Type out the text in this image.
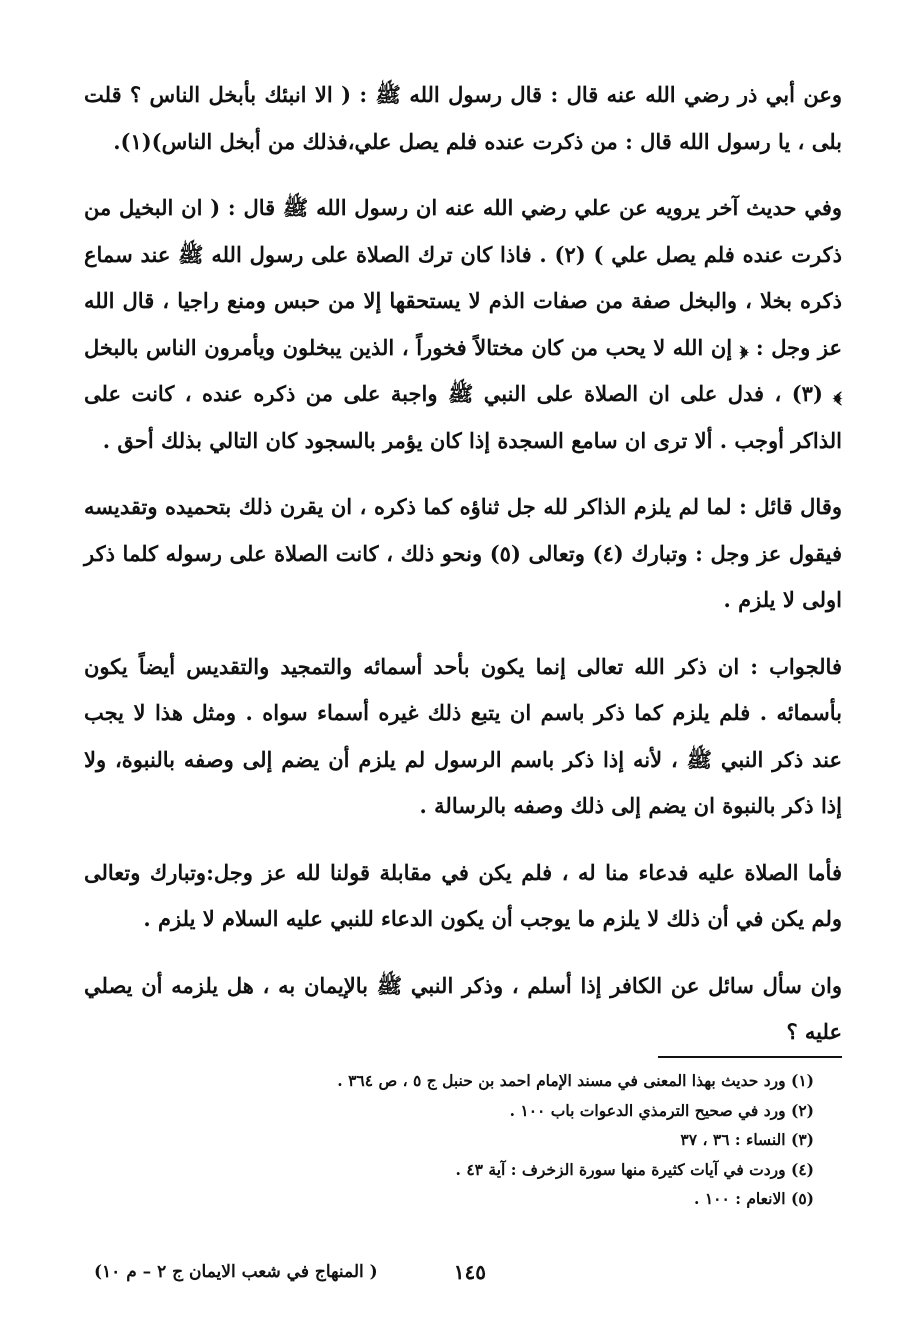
وعن أبي ذر رضي الله عنه قال : قال رسول الله ﷺ : ( الا انبئك بأبخل الناس ؟ قلت بلى ، يا رسول الله قال : من ذكرت عنده فلم يصل علي،فذلك من أبخل الناس)(١).

وفي حديث آخر يرويه عن علي رضي الله عنه ان رسول الله ﷺ قال : ( ان البخيل من ذكرت عنده فلم يصل علي ) (٢) . فاذا كان ترك الصلاة على رسول الله ﷺ عند سماع ذكره بخلا ، والبخل صفة من صفات الذم لا يستحقها إلا من حبس ومنع راجيا ، قال الله عز وجل : ﴿ إن الله لا يحب من كان مختالاً فخوراً ، الذين يبخلون ويأمرون الناس بالبخل ﴾ (٣) ، فدل على ان الصلاة على النبي ﷺ واجبة على من ذكره عنده ، كانت على الذاكر أوجب . ألا ترى ان سامع السجدة إذا كان يؤمر بالسجود كان التالي بذلك أحق .

وقال قائل : لما لم يلزم الذاكر لله جل ثناؤه كما ذكره ، ان يقرن ذلك بتحميده وتقديسه فيقول عز وجل : وتبارك (٤) وتعالى (٥) ونحو ذلك ، كانت الصلاة على رسوله كلما ذكر اولى لا يلزم .

فالجواب : ان ذكر الله تعالى إنما يكون بأحد أسمائه والتمجيد والتقديس أيضاً يكون بأسمائه . فلم يلزم كما ذكر باسم ان يتبع ذلك غيره أسماء سواه . ومثل هذا لا يجب عند ذكر النبي ﷺ ، لأنه إذا ذكر باسم الرسول لم يلزم أن يضم إلى وصفه بالنبوة، ولا إذا ذكر بالنبوة ان يضم إلى ذلك وصفه بالرسالة .

فأما الصلاة عليه فدعاء منا له ، فلم يكن في مقابلة قولنا لله عز وجل:وتبارك وتعالى ولم يكن في أن ذلك لا يلزم ما يوجب أن يكون الدعاء للنبي عليه السلام لا يلزم .

وان سأل سائل عن الكافر إذا أسلم ، وذكر النبي ﷺ بالإيمان به ، هل يلزمه أن يصلي عليه ؟

(١) ورد حديث بهذا المعنى في مسند الإمام احمد بن حنبل ج ٥ ، ص ٣٦٤ .

(٢) ورد في صحيح الترمذي الدعوات باب ١٠٠ .

(٣) النساء : ٣٦ ، ٣٧

(٤) وردت في آيات كثيرة منها سورة الزخرف : آية ٤٣ .

(٥) الانعام : ١٠٠ .

١٤٥
( المنهاج في شعب الايمان ج ٢ – م ١٠)
